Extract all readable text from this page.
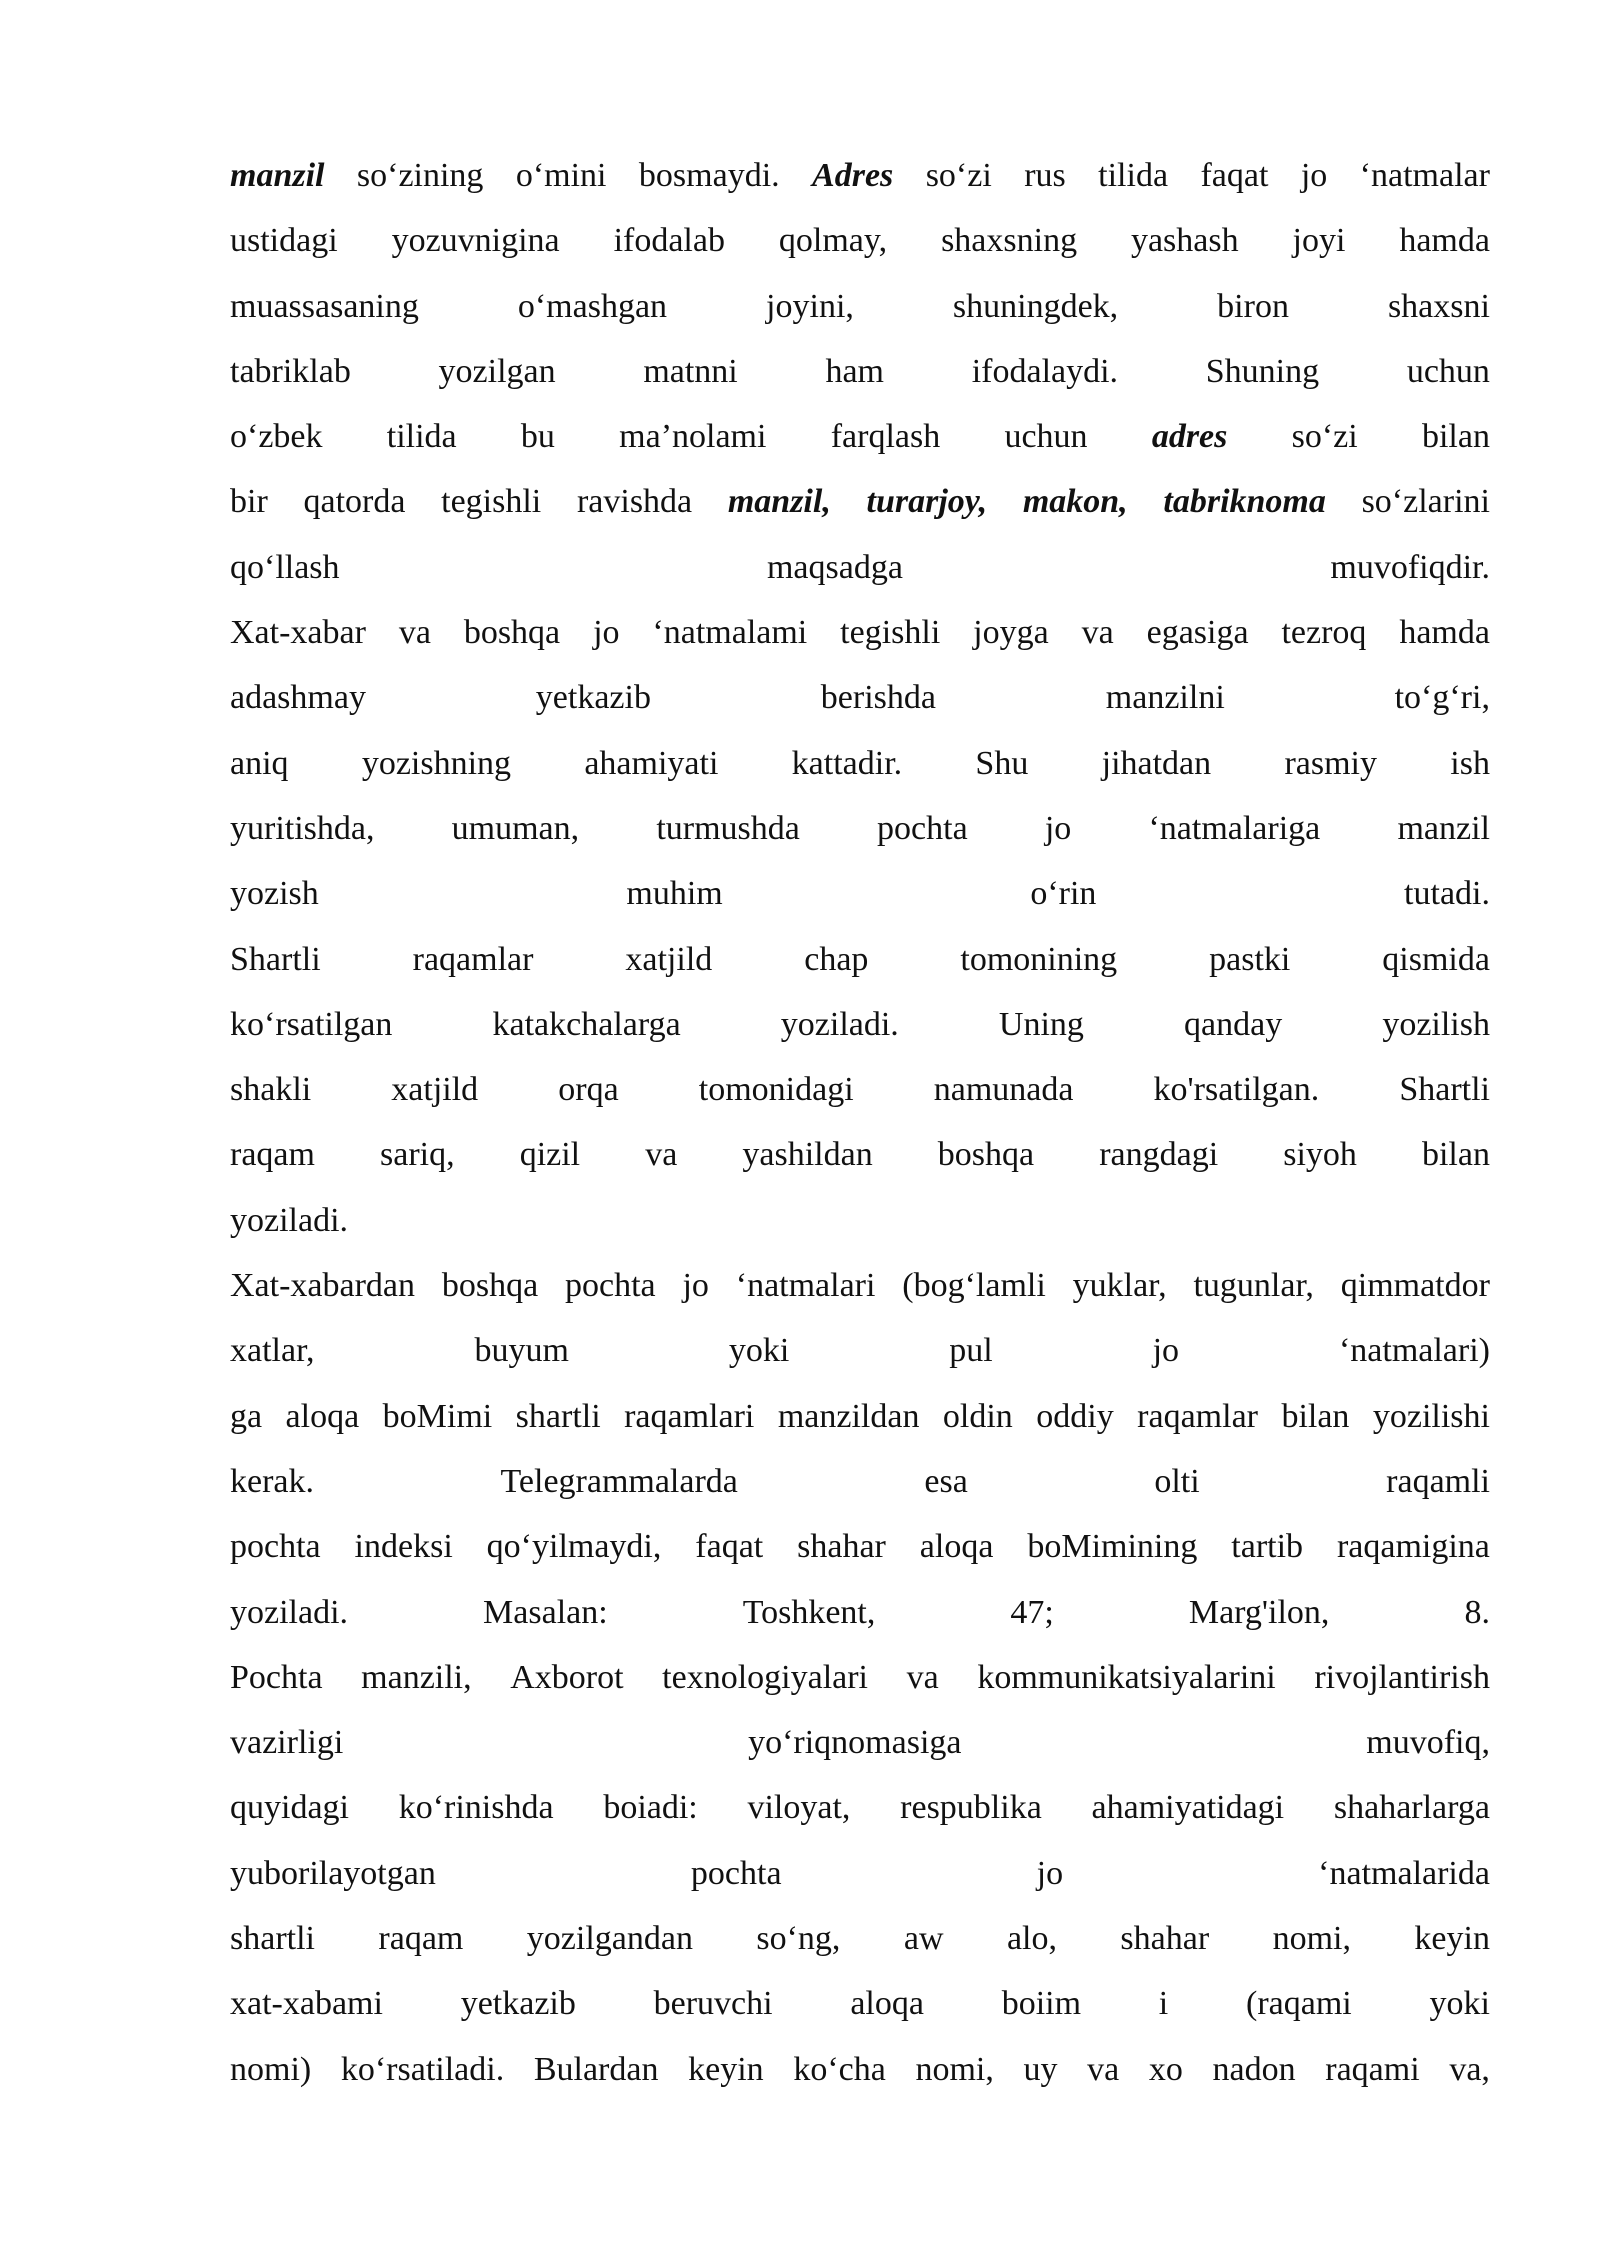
manzil so‘zining o‘mini bosmaydi. Adres so‘zi rus tilida faqat jo ‘natmalar
ustidagi yozuvnigina ifodalab qolmay, shaxsning yashash joyi hamda
muassasaning	o‘mashgan	joyini,	shuningdek,	biron	shaxsni
tabriklab	yozilgan	matnni	ham	ifodalaydi.	Shuning	uchun
o‘zbek tilida bu ma’nolami farqlash uchun adres so‘zi bilan
bir qatorda tegishli ravishda manzil, turarjoy, makon, tabriknoma so‘zlarini
qo‘llash	maqsadga	muvofiqdir.
Xat-xabar va boshqa jo ‘natmalami tegishli joyga va egasiga tezroq hamda
adashmay	yetkazib	berishda	manzilni	to‘g‘ri,
aniq yozishning ahamiyati kattadir. Shu jihatdan rasmiy ish
yuritishda, umuman, turmushda pochta jo ‘natmalariga manzil
yozish	muhim	o‘rin	tutadi.
Shartli	raqamlar	xatjild	chap	tomonining	pastki	qismida
ko‘rsatilgan	katakchalarga	yoziladi.	Uning	qanday	yozilish
shakli xatjild orqa tomonidagi namunada ko'rsatilgan. Shartli
raqam sariq, qizil va yashildan boshqa rangdagi siyoh bilan
yoziladi.
Xat-xabardan boshqa pochta jo ‘natmalari (bog‘lamli yuklar, tugunlar, qimmatdor
xatlar,	buyum	yoki	pul	jo	‘natmalari)
ga aloqa boMimi shartli raqamlari manzildan oldin oddiy raqamlar bilan yozilishi
kerak.	Telegrammalarda	esa	olti	raqamli
pochta indeksi qo‘yilmaydi, faqat shahar aloqa boMimining tartib raqamigina
yoziladi.	Masalan:	Toshkent,	47;	Marg'ilon,	8.
Pochta manzili, Axborot texnologiyalari va kommunikatsiyalarini rivojlantirish
vazirligi	yo‘riqnomasiga	muvofiq,
quyidagi ko‘rinishda boiadi: viloyat, respublika ahamiyatidagi shaharlarga
yuborilayotgan	pochta	jo	‘natmalarida
shartli raqam yozilgandan so‘ng, aw alo, shahar nomi, keyin
xat-xabami yetkazib beruvchi aloqa boiim i (raqami yoki
nomi) ko‘rsatiladi. Bulardan keyin ko‘cha nomi, uy va xo nadon raqami va,
